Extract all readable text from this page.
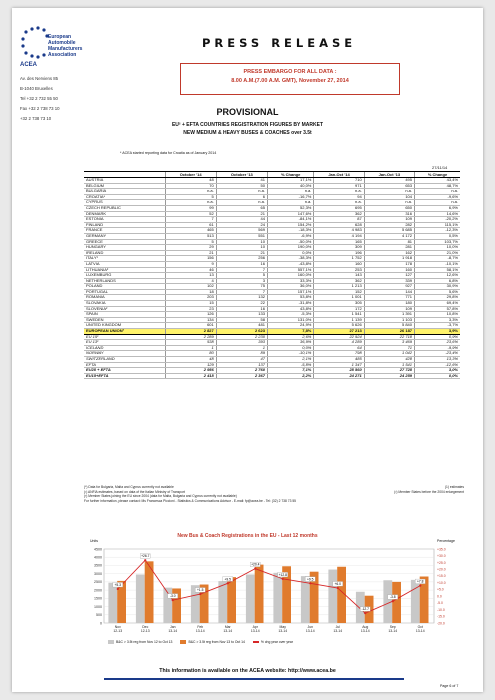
European
Automobile
Manufacturers
Association
ACEA
Av. des Nerviens 85
B-1040 Bruxelles
Tel +32 2 732 55 50
Fax +32 2 738 73 10
+32 2 738 73 10
PRESS RELEASE
PRESS EMBARGO FOR ALL DATA :
8.00 A.M.(7.00 A.M. GMT), November 27, 2014
PROVISIONAL
EU² + EFTA COUNTRIES REGISTRATION FIGURES BY MARKET
NEW MEDIUM & HEAVY BUSES & COACHES over 3.5t
* ACEA started reporting data for Croatia as of January 2014
27/11/14
	October '14	October '13	% Change	Jan-Oct '14	Jan-Oct '13	% Change
AUSTRIA	48	41	17,1%	710	495	43,4%
BELGIUM	70	50	40,0%	971	653	48,7%
BULGARIA	n.a.	n.a.	n.a.	n.a.	n.a.	n.a.
CROATIA*	5	6	-16,7%	94	104	-9,6%
CYPRUS	n.a.	n.a.	n.a.	n.a.	n.a.	n.a.
CZECH REPUBLIC	99	65	52,3%	695	650	6,9%
DENMARK	52	21	147,6%	362	316	14,6%
ESTONIA	7	44	-84,1%	87	109	-20,2%
FINLAND	61	24	154,2%	628	282	115,1%
FRANCE	465	569	-18,3%	4 983	5 685	-12,3%
GERMANY	513	551	-6,9%	4 194	4 172	0,5%
GREECE	5	10	-50,0%	165	81	103,7%
HUNGARY	29	10	190,0%	309	281	10,0%
IRELAND	21	21	0,0%	196	162	21,0%
ITALY¹	156	256	-38,3%	1 752	1 918	-8,7%
LATVIA	9	16	-43,8%	160	178	-10,1%
LITHUANIA²	46	7	557,1%	253	160	58,1%
LUXEMBURG	13	5	160,0%	143	127	12,6%
NETHERLANDS	4	3	33,3%	362	339	6,8%
POLAND	102	75	36,0%	1 213	927	30,9%
PORTUGAL	18	7	157,1%	152	144	5,6%
ROMANIA	203	132	53,8%	1 001	771	29,8%
SLOVAKIA	15	22	-31,8%	305	180	69,4%
SLOVENIA²	23	16	43,8%	172	109	57,8%
SPAIN	126	133	-5,3%	1 541	1 391	10,8%
SWEDEN	134	58	131,0%	1 139	1 103	3,3%
UNITED KINGDOM	601	481	24,9%	5 626	5 840	-3,7%
EUROPEAN UNION²	2 827	2 623	7,8%	27 213	26 187	3,9%
EU 15¹	2 289	2 230	2,6%	22 924	22 718	0,9%
EU 13¹	538	393	36,9%	4 289	3 469	23,6%
ICELAND	1	1	0,0%	64	71	-9,9%
NORWAY	80	89	-10,1%	798	1 042	-23,4%
SWITZERLAND	48	47	2,1%	485	428	13,3%
EFTA	129	137	-5,8%	1 347	1 541	-12,6%
EU28 + EFTA	2 956	2 760	7,1%	28 560	27 728	3,0%
EU15+EFTA	2 418	2 367	2,2%	24 271	24 259	0,0%
(*) Data for Bulgaria, Malta and Cyprus currently not available	(1) estimates
(¹) ANFIA estimates, based on data of the Italian Ministry of Transport	(²) Member States before the 2004 enlargement
(³) Member States joining the EU since 2004 (data for Malta, Bulgaria and Cyprus currently not available)
For further information, please contact: Ms Francesca Piccioni - Statistics & Communications Advisor - E-mail: fp@acea.be - Tel: (32) 2 738 73 55
New Bus & Coach Registrations in the EU - Last 12 months
Units	Percentage
4500
4000
3500
3000
2500
2000
1500
1000
500
0
+35.0
+30.0
+25.0
+20.0
+15.0
+10.0
+5.0
0.0
-5.0
-10.0
-15.0
-20.0
Nov
12-13
Dec
12-13
Jan
13-14
Feb
13-14
Mar
13-14
Apr
13-14
May
13-14
Jun
13-14
Jul
13-14
Aug
13-14
Sep
13-14
Oct
13-14
+5.3
+26.7
-3.0
+1.5
+9.5
+20.4
+12.8
+9.5
+6.0
-12.7
-3.8
+7.8
B&C > 3.5t reg from Nov 12 to Oct 13	B&C > 3.5t reg from Nov 13 to Oct 14	% chg year over year
This information is available on the ACEA website: http://www.acea.be
Page 6 of 7
